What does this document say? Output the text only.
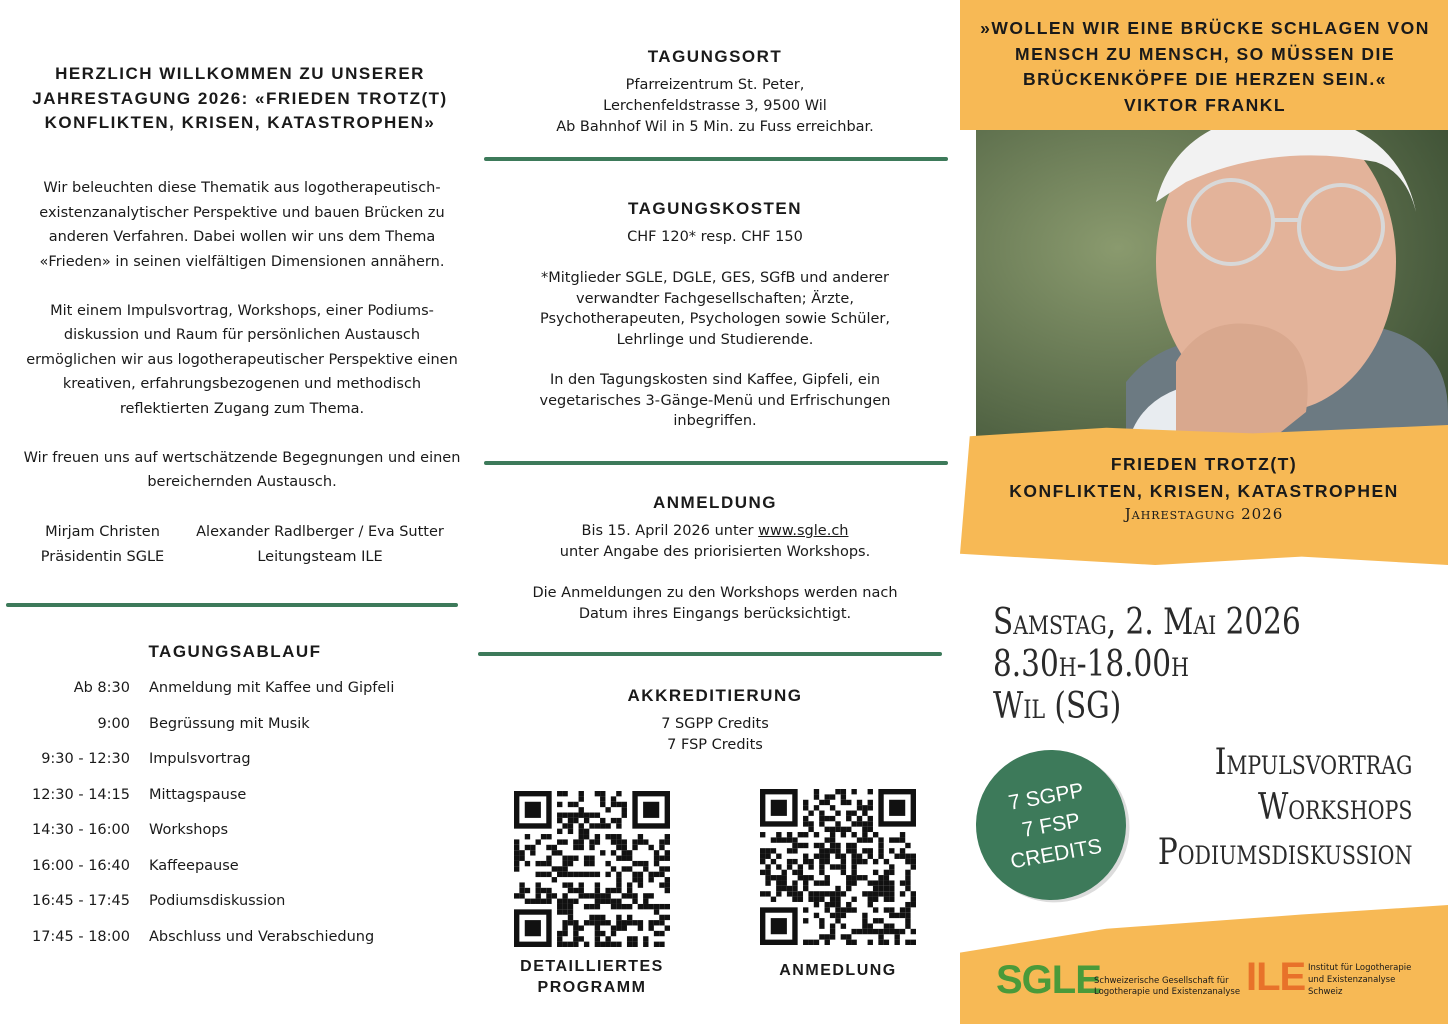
HERZLICH WILLKOMMEN ZU UNSERER JAHRESTAGUNG 2026: «FRIEDEN TROTZ(T) KONFLIKTEN, KRISEN, KATASTROPHEN»

Wir beleuchten diese Thematik aus logotherapeutisch-existenzanalytischer Perspektive und bauen Brücken zu anderen Verfahren. Dabei wollen wir uns dem Thema «Frieden» in seinen vielfältigen Dimensionen annähern.

Mit einem Impulsvortrag, Workshops, einer Podiums-diskussion und Raum für persönlichen Austausch ermöglichen wir aus logotherapeutischer Perspektive einen kreativen, erfahrungsbezogenen und methodisch reflektierten Zugang zum Thema.

Wir freuen uns auf wertschätzende Begegnungen und einen bereichernden Austausch.

Mirjam Christen
Präsidentin SGLE
Alexander Radlberger / Eva Sutter
Leitungsteam ILE
TAGUNGSABLAUF
Ab 8:30 Anmeldung mit Kaffee und Gipfeli
9:00 Begrüssung mit Musik
9:30 - 12:30 Impulsvortrag
12:30 - 14:15 Mittagspause
14:30 - 16:00 Workshops
16:00 - 16:40 Kaffeepause
16:45 - 17:45 Podiumsdiskussion
17:45 - 18:00 Abschluss und Verabschiedung
TAGUNGSORT
Pfarreizentrum St. Peter,
Lerchenfeldstrasse 3, 9500 Wil
Ab Bahnhof Wil in 5 Min. zu Fuss erreichbar.
TAGUNGSKOSTEN
CHF 120* resp. CHF 150
*Mitglieder SGLE, DGLE, GES, SGfB und anderer verwandter Fachgesellschaften; Ärzte, Psychotherapeuten, Psychologen sowie Schüler, Lehrlinge und Studierende.
In den Tagungskosten sind Kaffee, Gipfeli, ein vegetarisches 3-Gänge-Menü und Erfrischungen inbegriffen.
ANMELDUNG
Bis 15. April 2026 unter www.sgle.ch
unter Angabe des priorisierten Workshops.
Die Anmeldungen zu den Workshops werden nach Datum ihres Eingangs berücksichtigt.
AKKREDITIERUNG
7 SGPP Credits
7 FSP Credits
DETAILLIERTES PROGRAMM
ANMEDLUNG
»WOLLEN WIR EINE BRÜCKE SCHLAGEN VON MENSCH ZU MENSCH, SO MÜSSEN DIE BRÜCKENKÖPFE DIE HERZEN SEIN.«
VIKTOR FRANKL
FRIEDEN TROTZ(T)
KONFLIKTEN, KRISEN, KATASTROPHEN
Jahrestagung 2026
Samstag, 2. Mai 2026
8.30h-18.00h
Wil (SG)
7 SGPP
7 FSP
CREDITS
Impulsvortrag
Workshops
Podiumsdiskussion
SGLE
Schweizerische Gesellschaft für
Logotherapie und Existenzanalyse ILE Institut für Logotherapie
und Existenzanalyse
Schweiz
